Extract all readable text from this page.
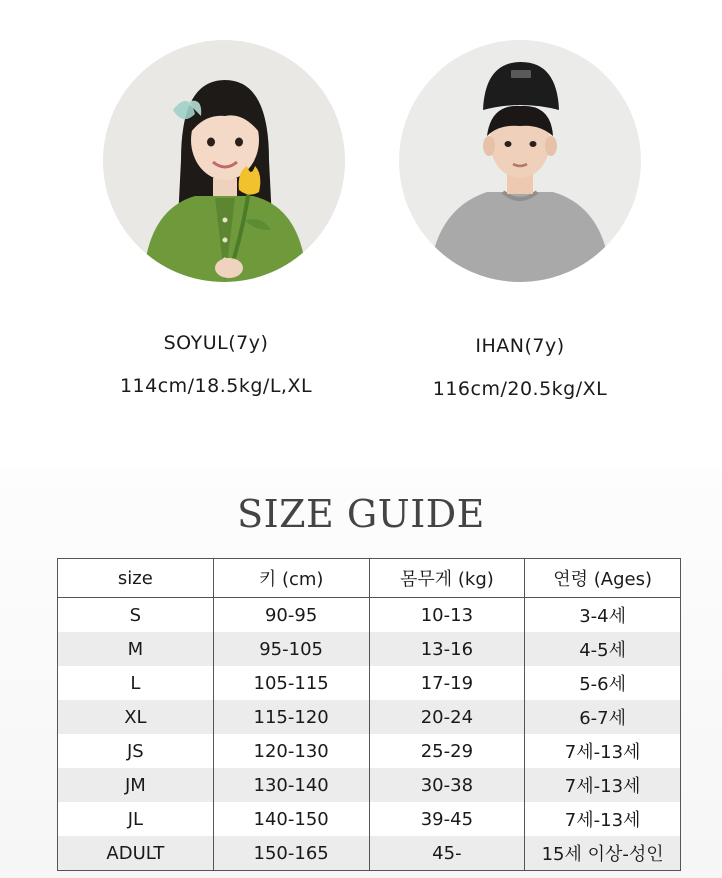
SOYUL(7y)
114cm/18.5kg/L,XL
IHAN(7y)
116cm/20.5kg/XL
SIZE GUIDE
size	키 (cm)	몸무게 (kg)	연령 (Ages)
S	90-95	10-13	3-4세
M	95-105	13-16	4-5세
L	105-115	17-19	5-6세
XL	115-120	20-24	6-7세
JS	120-130	25-29	7세-13세
JM	130-140	30-38	7세-13세
JL	140-150	39-45	7세-13세
ADULT	150-165	45-	15세 이상-성인
